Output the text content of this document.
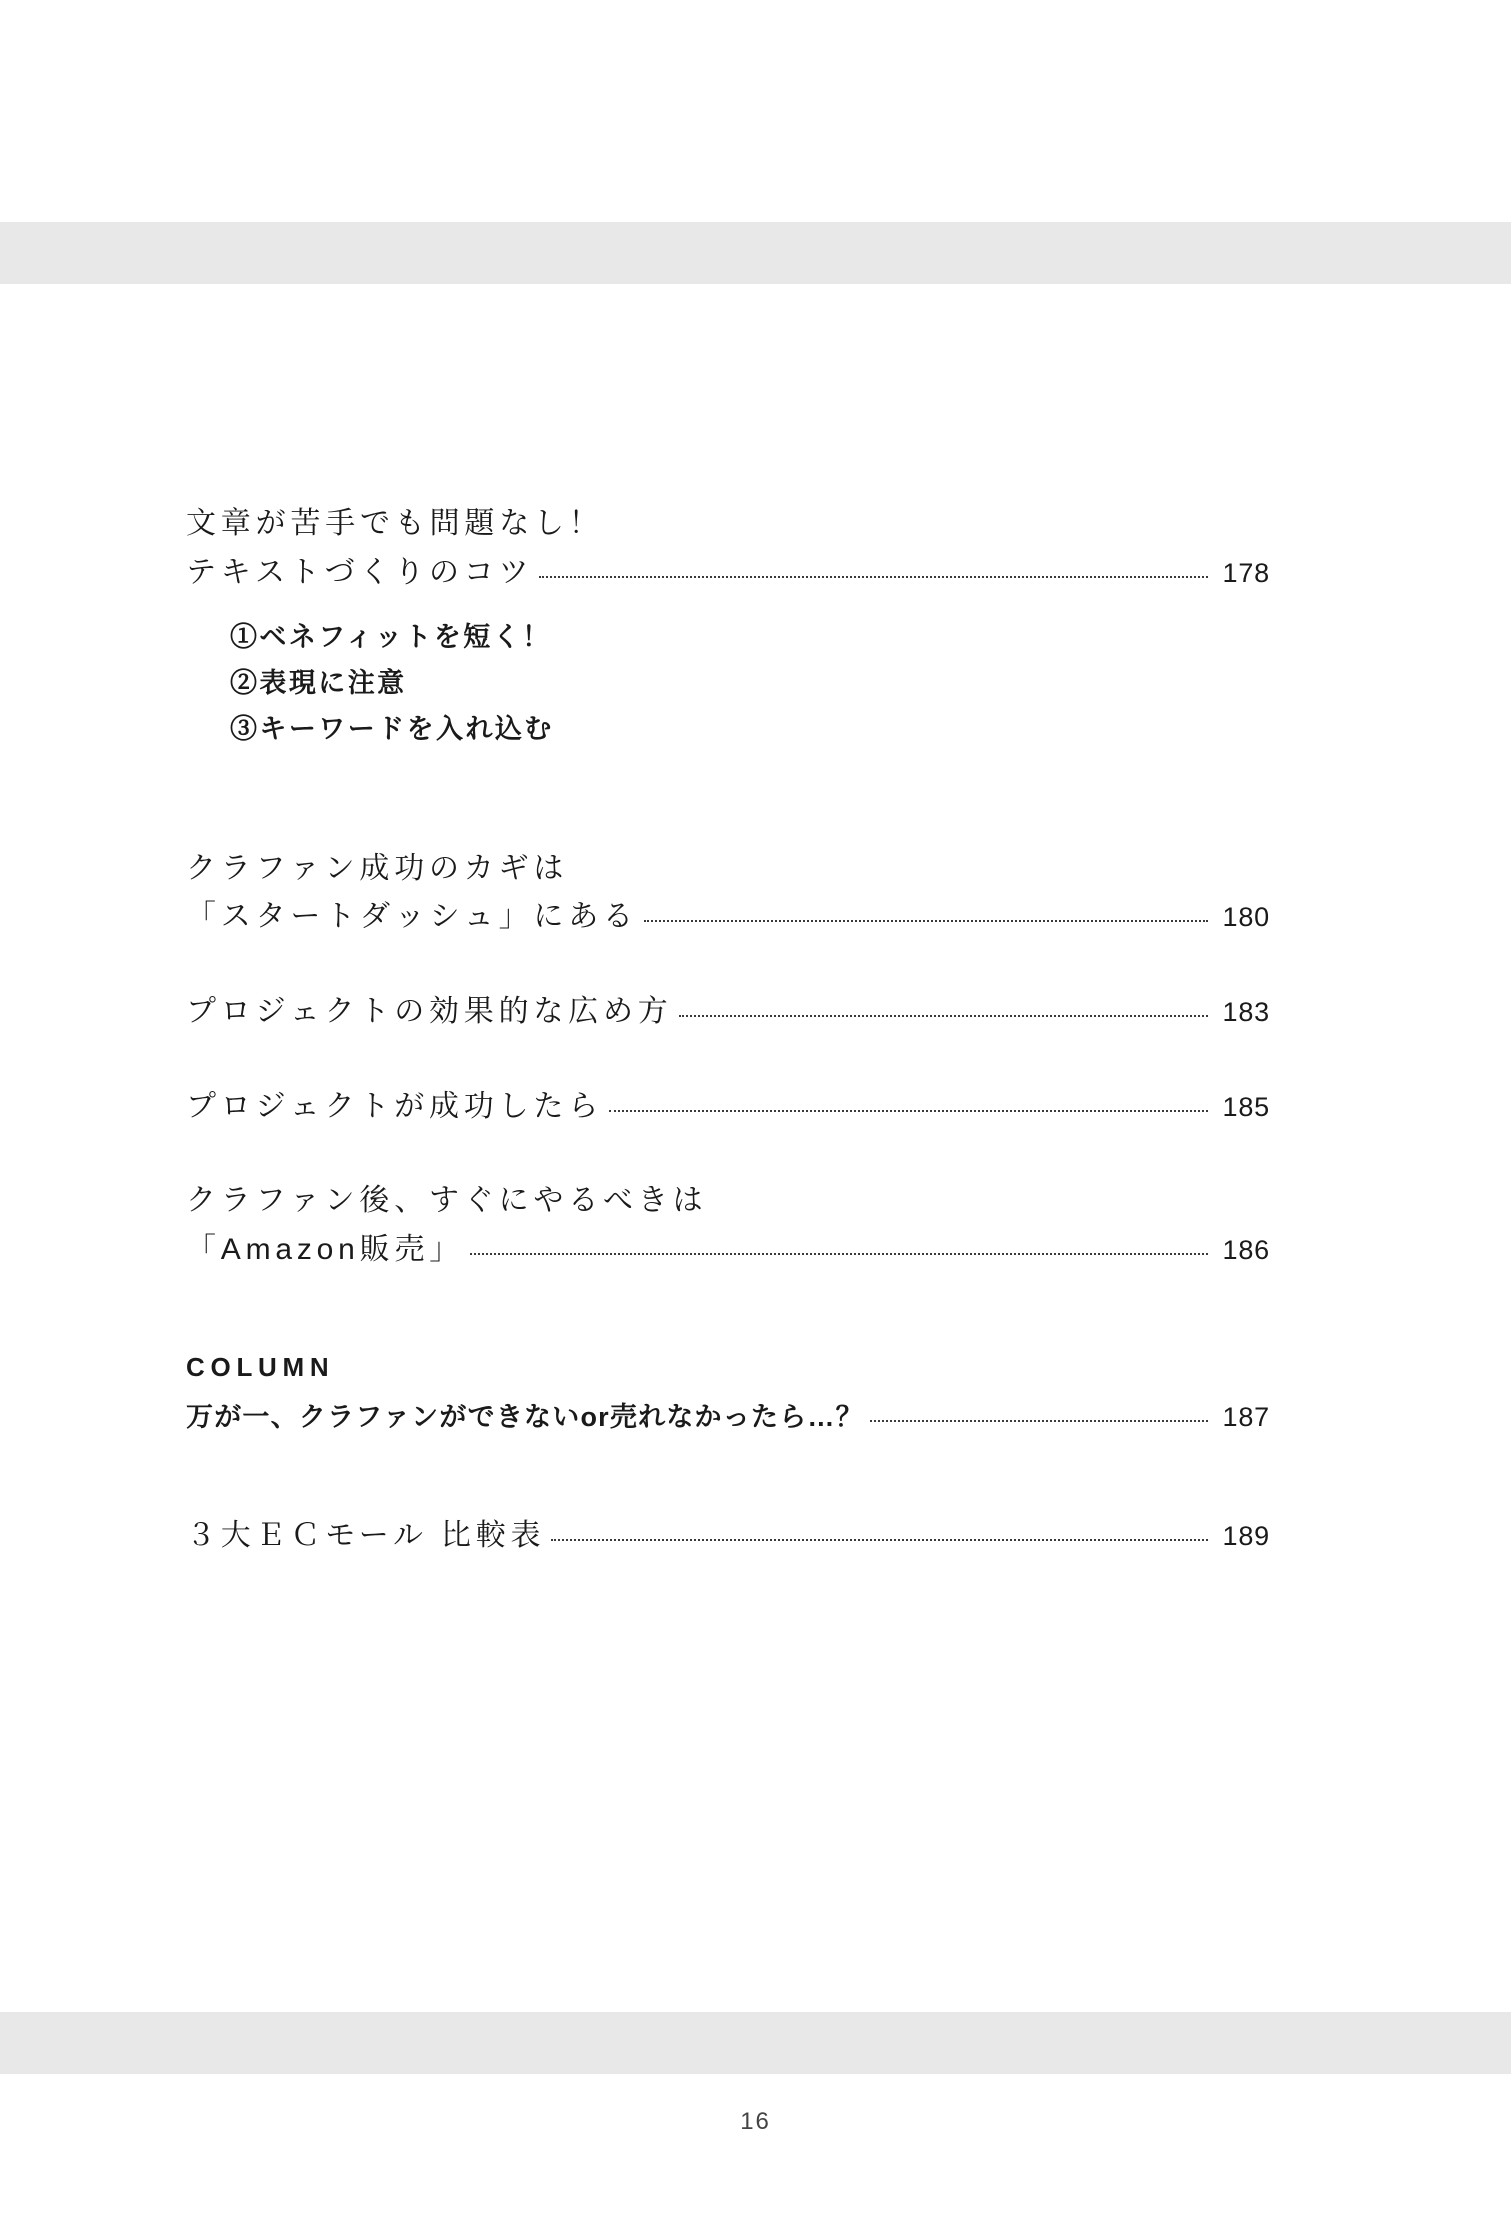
文章が苦手でも問題なし！
テキストづくりのコツ	178
①ベネフィットを短く！
②表現に注意
③キーワードを入れ込む
クラファン成功のカギは
「スタートダッシュ」にある	180
プロジェクトの効果的な広め方	183
プロジェクトが成功したら	185
クラファン後、すぐにやるべきは
「Amazon販売」	186
COLUMN
万が一、クラファンができないor売れなかったら…？	187
３大ＥＣモール 比較表	189
16
